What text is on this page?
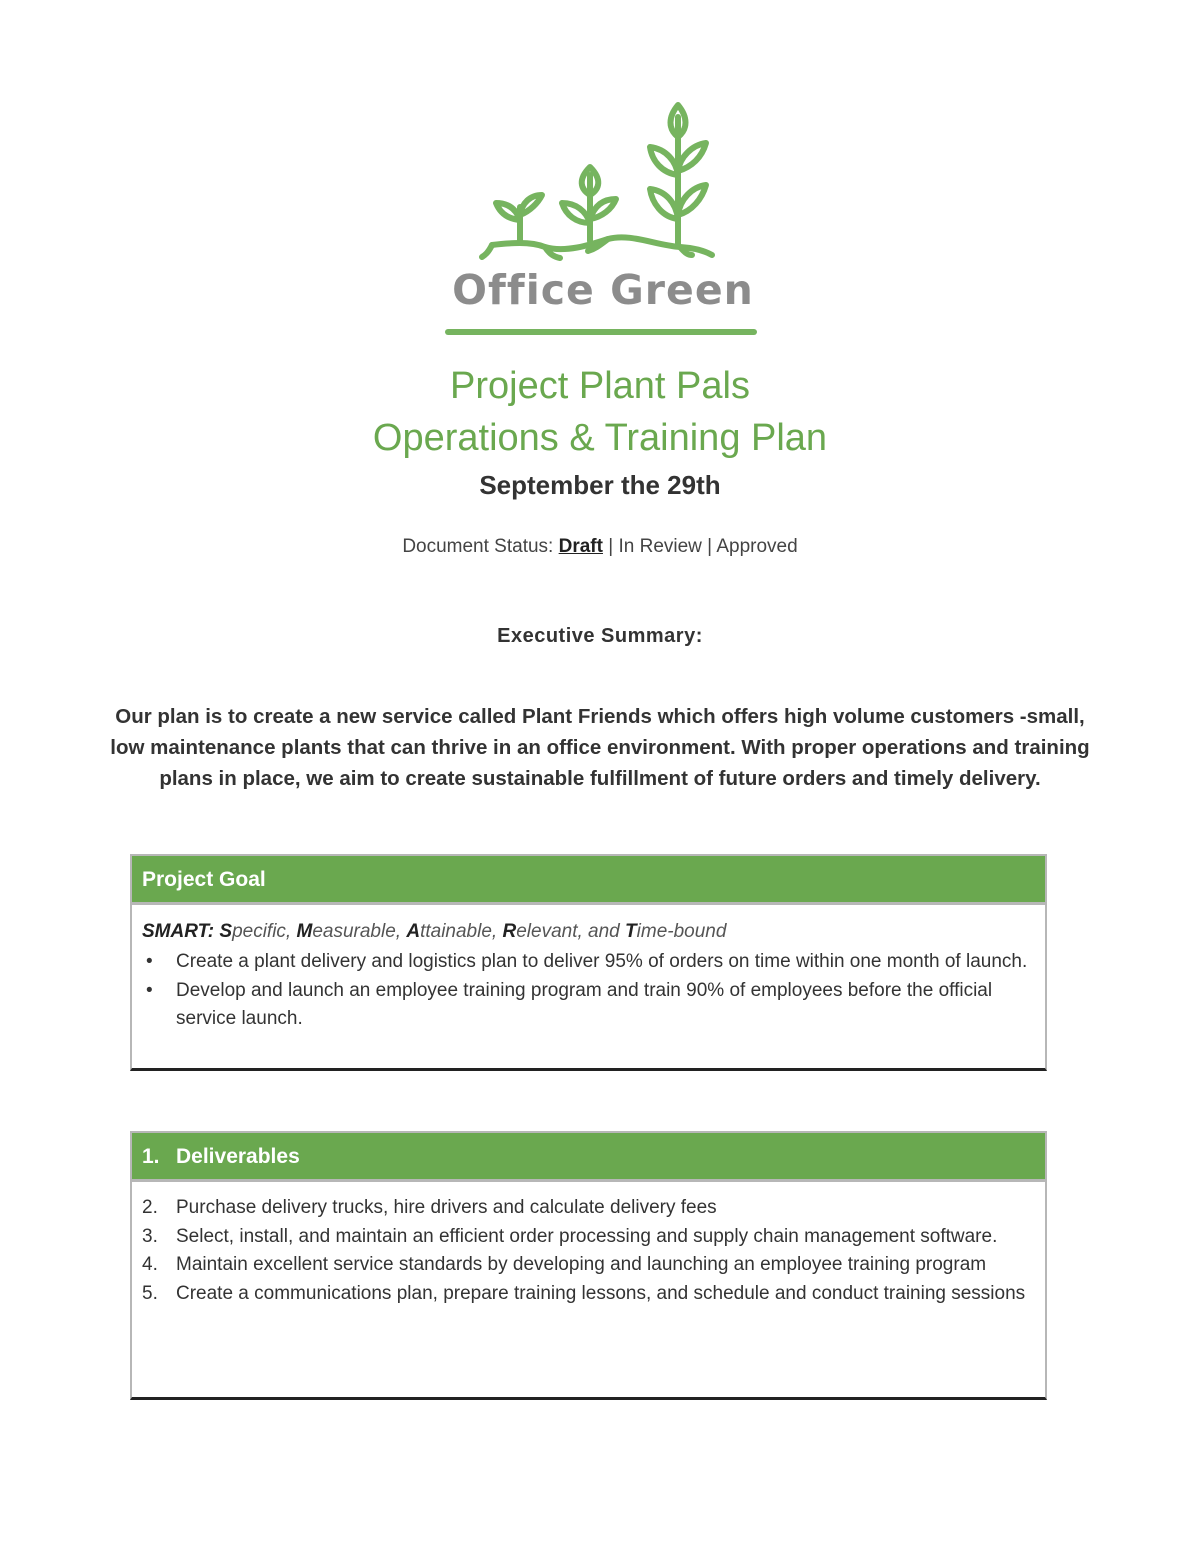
Office Green
Project Plant Pals
Operations & Training Plan
September the 29th
Document Status: Draft | In Review | Approved
Executive Summary:
Our plan is to create a new service called Plant Friends which offers high volume customers -small, low maintenance plants that can thrive in an office environment. With proper operations and training plans in place, we aim to create sustainable fulfillment of future orders and timely delivery.
Project Goal
SMART: Specific, Measurable, Attainable, Relevant, and Time-bound
• Create a plant delivery and logistics plan to deliver 95% of orders on time within one month of launch.
• Develop and launch an employee training program and train 90% of employees before the official service launch.
1. Deliverables
2. Purchase delivery trucks, hire drivers and calculate delivery fees
3. Select, install, and maintain an efficient order processing and supply chain management software.
4. Maintain excellent service standards by developing and launching an employee training program
5. Create a communications plan, prepare training lessons, and schedule and conduct training sessions
